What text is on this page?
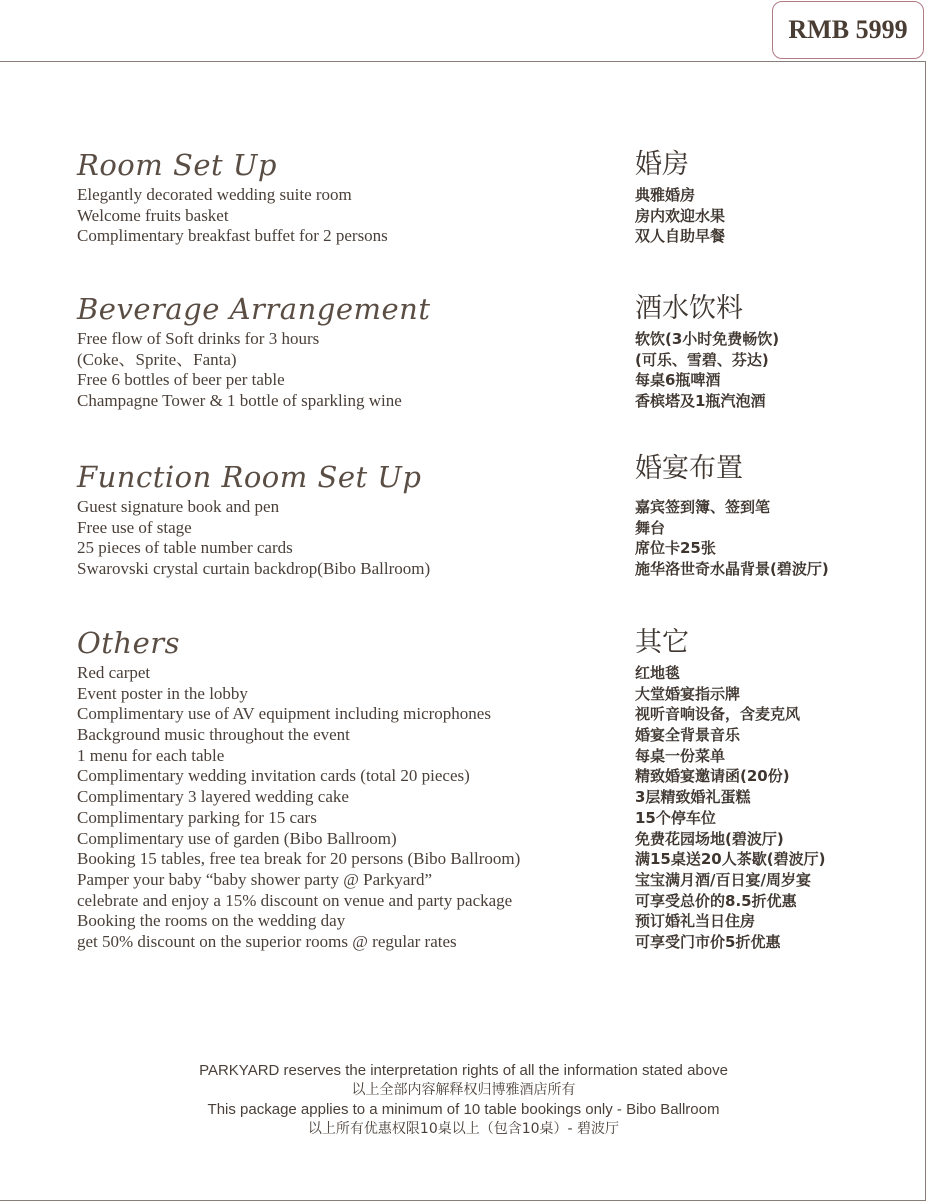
RMB 5999
Room Set Up
Elegantly decorated wedding suite room
Welcome fruits basket
Complimentary breakfast buffet for 2 persons
Beverage Arrangement
Free flow of Soft drinks for 3 hours
(Coke、Sprite、Fanta)
Free 6 bottles of beer per table
Champagne Tower & 1 bottle of sparkling wine
Function Room Set Up
Guest signature book and pen
Free use of stage
25 pieces of table number cards
Swarovski crystal curtain backdrop(Bibo Ballroom)
Others
Red carpet
Event poster in the lobby
Complimentary use of AV equipment including microphones
Background music throughout the event
1 menu for each table
Complimentary wedding invitation cards (total 20 pieces)
Complimentary 3 layered wedding cake
Complimentary parking for 15 cars
Complimentary use of garden (Bibo Ballroom)
Booking 15 tables, free tea break for 20 persons (Bibo Ballroom)
Pamper your baby “baby shower party @ Parkyard”
celebrate and enjoy a 15% discount on venue and party package
Booking the rooms on the wedding day
get 50% discount on the superior rooms @ regular rates
婚房
典雅婚房
房内欢迎水果
双人自助早餐
酒水饮料
软饮(3小时免费畅饮)
(可乐、雪碧、芬达)
每桌6瓶啤酒
香槟塔及1瓶汽泡酒
婚宴布置
嘉宾签到簿、签到笔
舞台
席位卡25张
施华洛世奇水晶背景(碧波厅)
其它
红地毯
大堂婚宴指示牌
视听音响设备，含麦克风
婚宴全背景音乐
每桌一份菜单
精致婚宴邀请函(20份)
3层精致婚礼蛋糕
15个停车位
免费花园场地(碧波厅)
满15桌送20人茶歇(碧波厅)
宝宝满月酒/百日宴/周岁宴
可享受总价的8.5折优惠
预订婚礼当日住房
可享受门市价5折优惠
PARKYARD reserves the interpretation rights of all the information stated above
以上全部内容解释权归博雅酒店所有
This package applies to a minimum of 10 table bookings only - Bibo Ballroom
以上所有优惠权限10桌以上（包含10桌）- 碧波厅
